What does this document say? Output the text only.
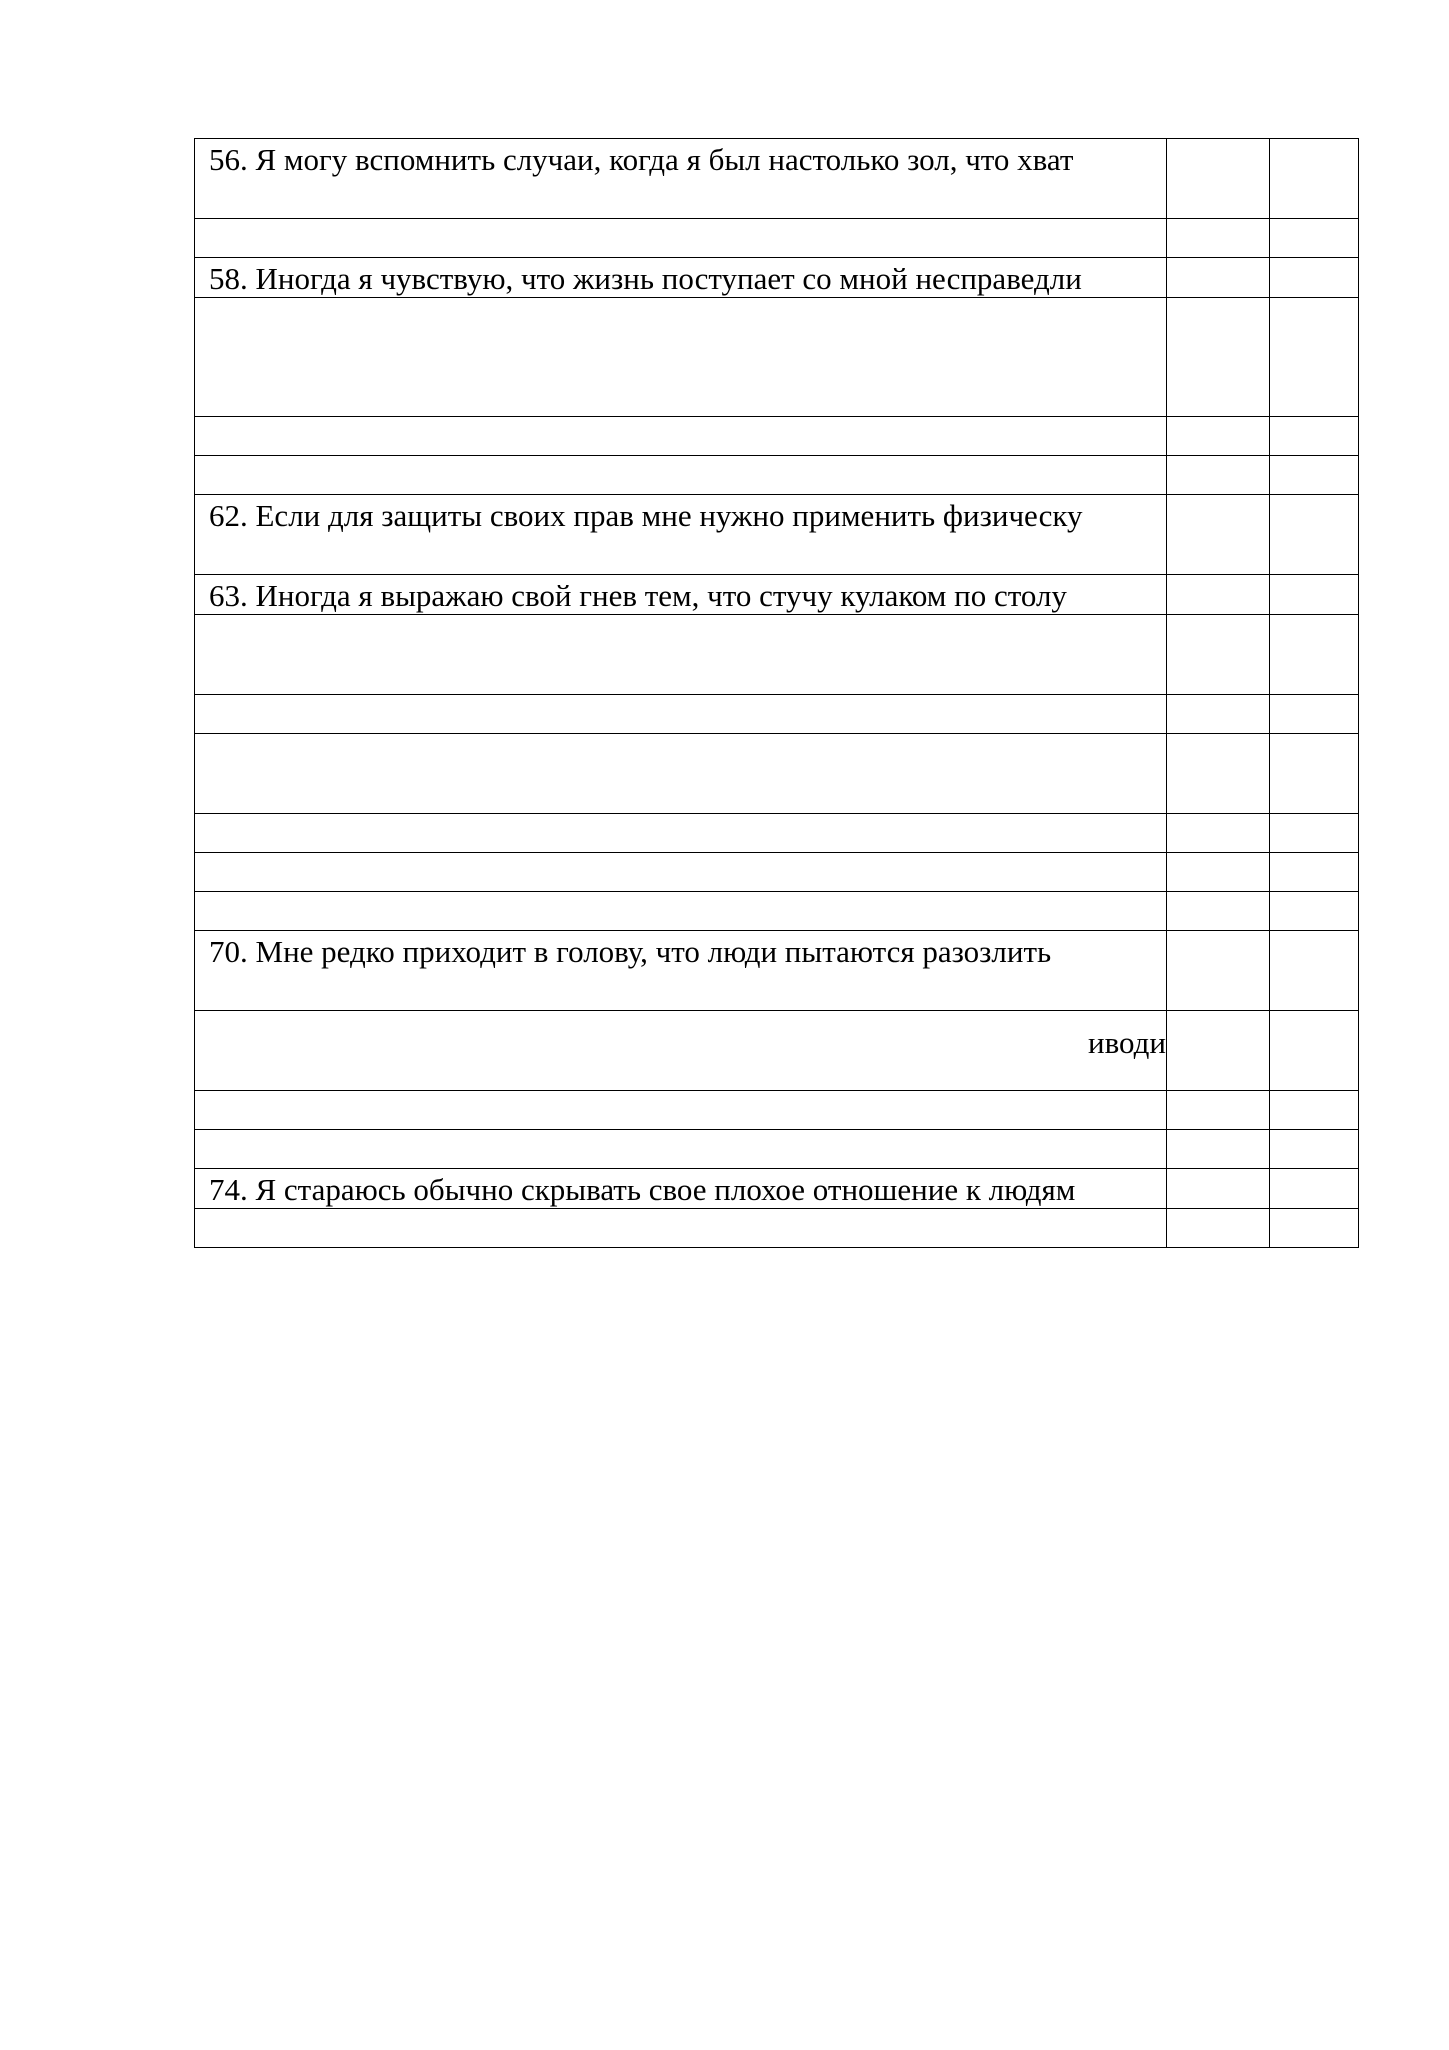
56. Я могу вспомнить случаи, когда я был настолько зол, что хват		

58. Иногда я чувствую, что жизнь поступает со мной несправедли		

62. Если для защиты своих прав мне нужно применить физическу		

63. Иногда я выражаю свой гнев тем, что стучу кулаком по столу		

70. Мне редко приходит в голову, что люди пытаются разозлить		

иводи		

74. Я стараюсь обычно скрывать свое плохое отношение к людям		
